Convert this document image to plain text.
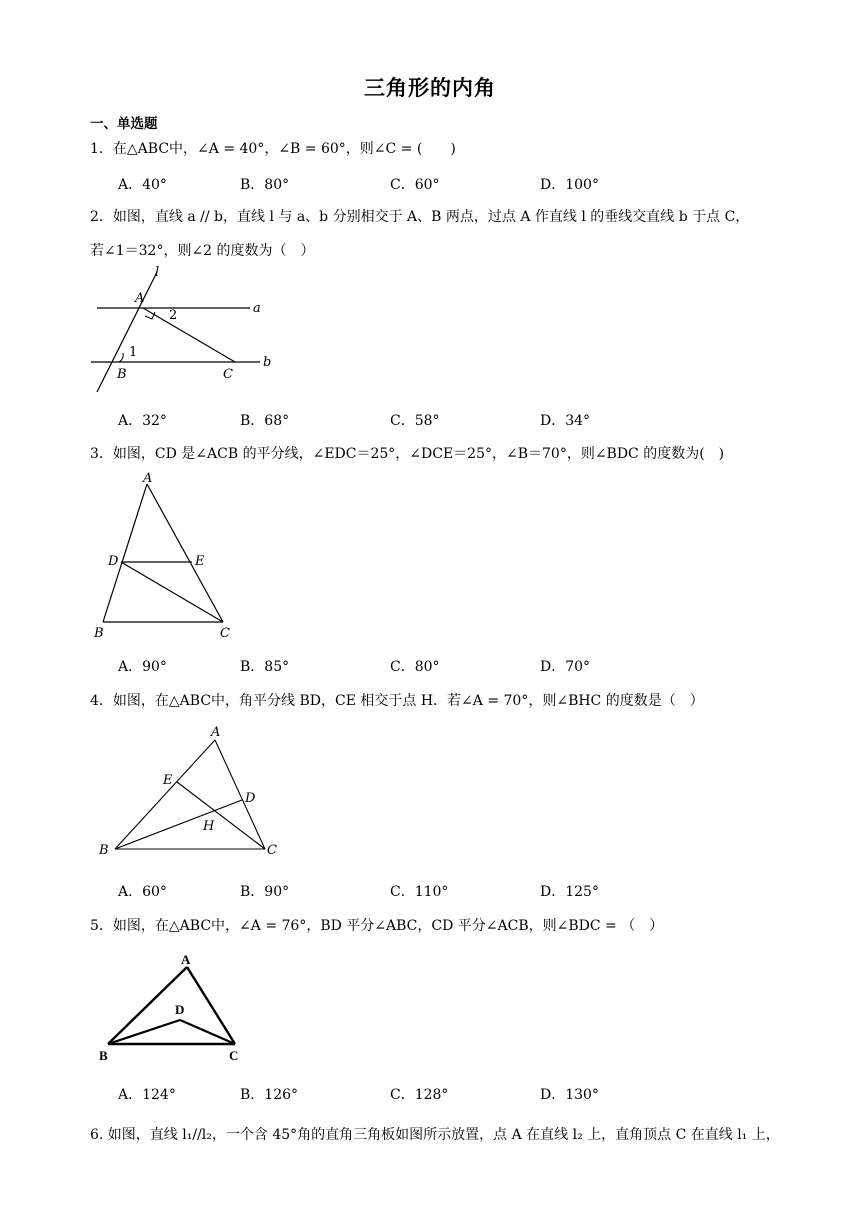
三角形的内角
一、单选题
1．在△ABC中，∠A = 40°，∠B = 60°，则∠C = (　　)
A．40°	B．80°	C．60°	D．100°
2．如图，直线 a // b，直线 l 与 a、b 分别相交于 A、B 两点，过点 A 作直线 l 的垂线交直线 b 于点 C，
若∠1＝32°，则∠2 的度数为（　）
l
a
b
A
B	C
1
2
A．32°	B．68°	C．58°	D．34°
3．如图，CD 是∠ACB 的平分线，∠EDC＝25°，∠DCE＝25°，∠B＝70°，则∠BDC 的度数为(　)
A
D	E
B	C
A．90°	B．85°	C．80°	D．70°
4．如图，在△ABC中，角平分线 BD，CE 相交于点 H．若∠A = 70°，则∠BHC 的度数是（　）
A
E
D
H
B	C
A．60°	B．90°	C．110°	D．125°
5．如图，在△ABC中，∠A = 76°，BD 平分∠ABC，CD 平分∠ACB，则∠BDC = （　）
A
D
B	C
A．124°	B．126°	C．128°	D．130°
6. 如图，直线 l₁//l₂，一个含 45°角的直角三角板如图所示放置，点 A 在直线 l₂ 上，直角顶点 C 在直线 l₁ 上，
